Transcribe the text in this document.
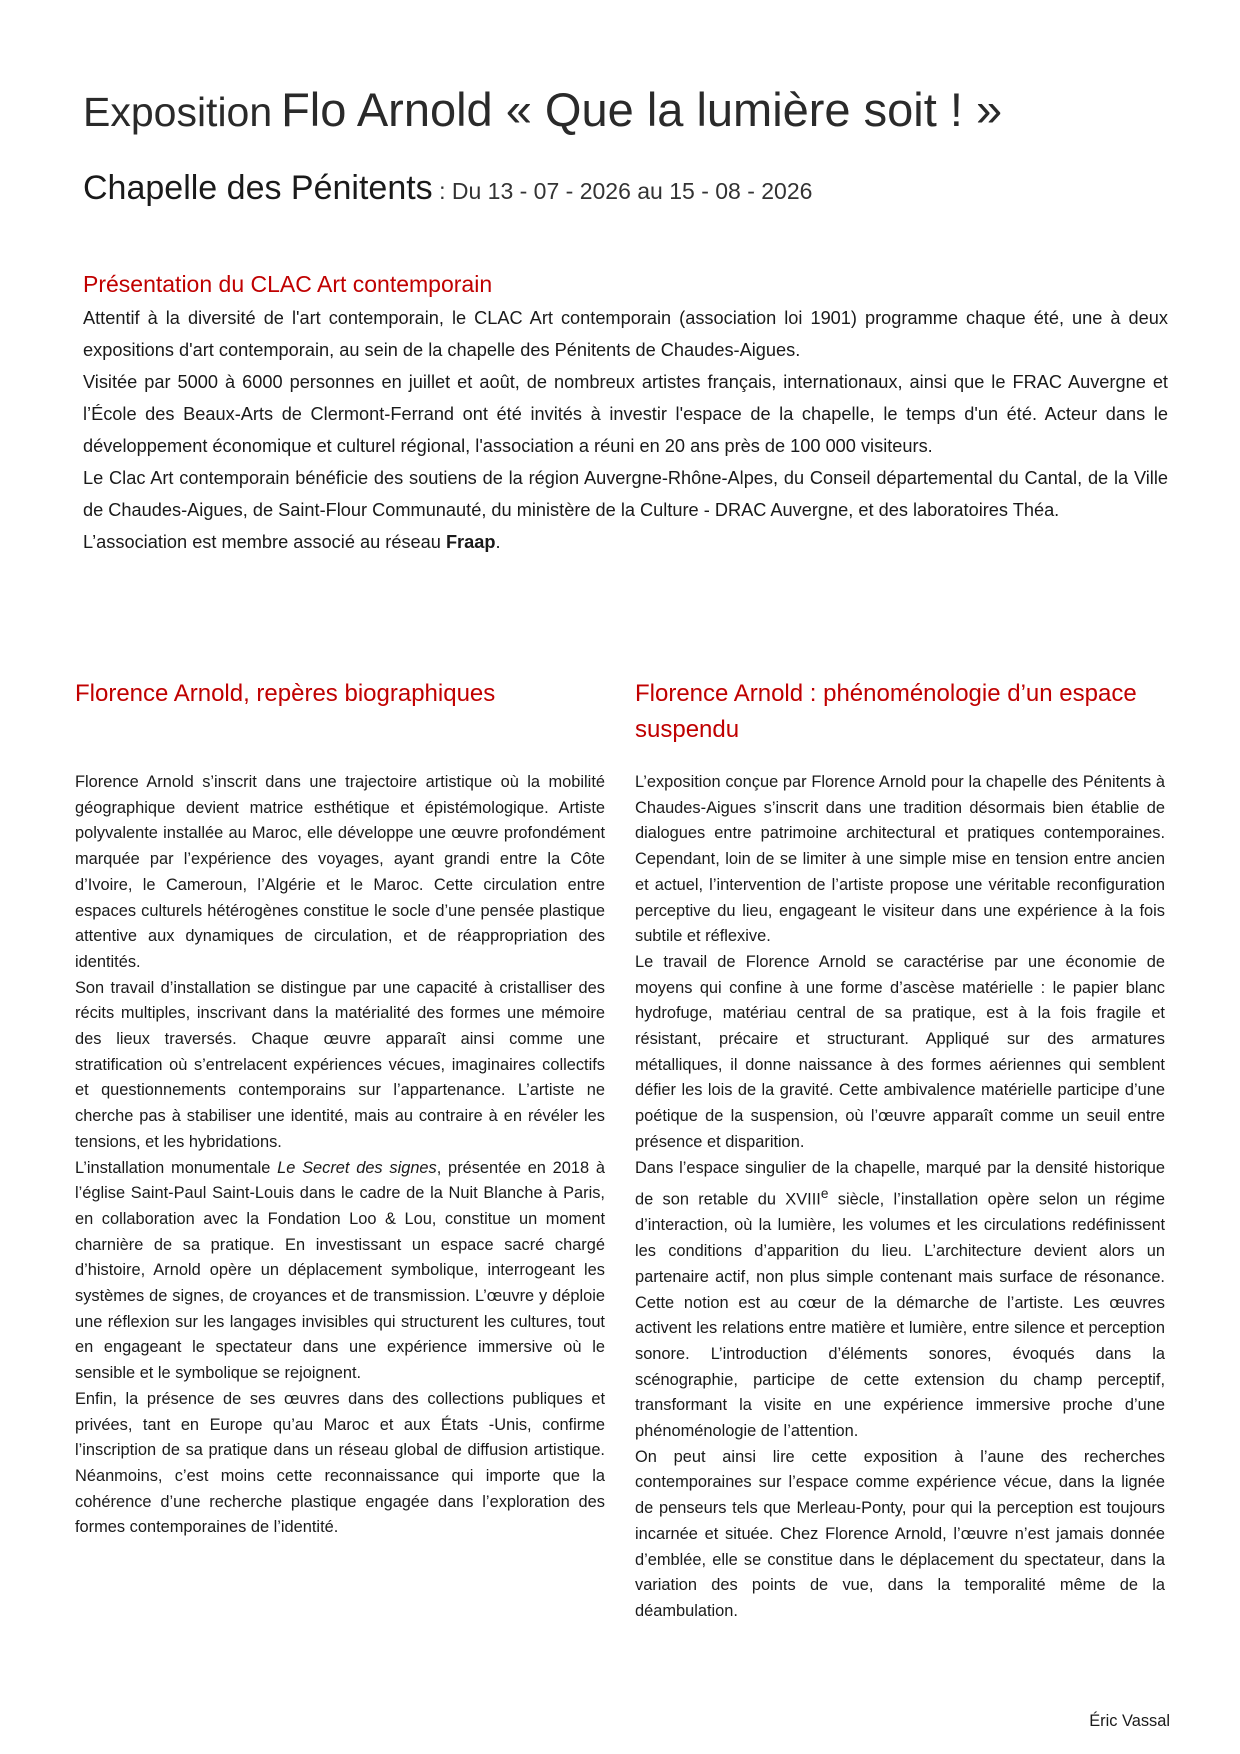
Exposition Flo Arnold « Que la lumière soit ! »
Chapelle des Pénitents : Du 13 - 07 - 2026 au 15 - 08 - 2026
Présentation du CLAC Art contemporain

Attentif à la diversité de l'art contemporain, le CLAC Art contemporain (association loi 1901) programme chaque été, une à deux expositions d'art contemporain, au sein de la chapelle des Pénitents de Chaudes-Aigues.

Visitée par 5000 à 6000 personnes en juillet et août, de nombreux artistes français, internationaux, ainsi que le FRAC Auvergne et l’École des Beaux-Arts de Clermont-Ferrand ont été invités à investir l'espace de la chapelle, le temps d'un été. Acteur dans le développement économique et culturel régional, l'association a réuni en 20 ans près de 100 000 visiteurs.

Le Clac Art contemporain bénéficie des soutiens de la région Auvergne-Rhône-Alpes, du Conseil départemental du Cantal, de la Ville de Chaudes-Aigues, de Saint-Flour Communauté, du ministère de la Culture - DRAC Auvergne, et des laboratoires Théa.

L’association est membre associé au réseau Fraap.

Florence Arnold, repères biographiques

Florence Arnold s’inscrit dans une trajectoire artistique où la mobilité géographique devient matrice esthétique et épistémologique. Artiste polyvalente installée au Maroc, elle développe une œuvre profondément marquée par l’expérience des voyages, ayant grandi entre la Côte d’Ivoire, le Cameroun, l’Algérie et le Maroc. Cette circulation entre espaces culturels hétérogènes constitue le socle d’une pensée plastique attentive aux dynamiques de circulation, et de réappropriation des identités.

Son travail d’installation se distingue par une capacité à cristalliser des récits multiples, inscrivant dans la matérialité des formes une mémoire des lieux traversés. Chaque œuvre apparaît ainsi comme une stratification où s’entrelacent expériences vécues, imaginaires collectifs et questionnements contemporains sur l’appartenance. L’artiste ne cherche pas à stabiliser une identité, mais au contraire à en révéler les tensions, et les hybridations.

L’installation monumentale Le Secret des signes, présentée en 2018 à l’église Saint-Paul Saint-Louis dans le cadre de la Nuit Blanche à Paris, en collaboration avec la Fondation Loo & Lou, constitue un moment charnière de sa pratique. En investissant un espace sacré chargé d’histoire, Arnold opère un déplacement symbolique, interrogeant les systèmes de signes, de croyances et de transmission. L’œuvre y déploie une réflexion sur les langages invisibles qui structurent les cultures, tout en engageant le spectateur dans une expérience immersive où le sensible et le symbolique se rejoignent.

Enfin, la présence de ses œuvres dans des collections publiques et privées, tant en Europe qu’au Maroc et aux États -Unis, confirme l’inscription de sa pratique dans un réseau global de diffusion artistique. Néanmoins, c’est moins cette reconnaissance qui importe que la cohérence d’une recherche plastique engagée dans l’exploration des formes contemporaines de l’identité.

Florence Arnold : phénoménologie d’un espace suspendu

L’exposition conçue par Florence Arnold pour la chapelle des Pénitents à Chaudes-Aigues s’inscrit dans une tradition désormais bien établie de dialogues entre patrimoine architectural et pratiques contemporaines. Cependant, loin de se limiter à une simple mise en tension entre ancien et actuel, l’intervention de l’artiste propose une véritable reconfiguration perceptive du lieu, engageant le visiteur dans une expérience à la fois subtile et réflexive.

Le travail de Florence Arnold se caractérise par une économie de moyens qui confine à une forme d’ascèse matérielle : le papier blanc hydrofuge, matériau central de sa pratique, est à la fois fragile et résistant, précaire et structurant. Appliqué sur des armatures métalliques, il donne naissance à des formes aériennes qui semblent défier les lois de la gravité. Cette ambivalence matérielle participe d’une poétique de la suspension, où l’œuvre apparaît comme un seuil entre présence et disparition.

Dans l’espace singulier de la chapelle, marqué par la densité historique de son retable du XVIIIe siècle, l’installation opère selon un régime d’interaction, où la lumière, les volumes et les circulations redéfinissent les conditions d’apparition du lieu. L’architecture devient alors un partenaire actif, non plus simple contenant mais surface de résonance. Cette notion est au cœur de la démarche de l’artiste. Les œuvres activent les relations entre matière et lumière, entre silence et perception sonore. L’introduction d’éléments sonores, évoqués dans la scénographie, participe de cette extension du champ perceptif, transformant la visite en une expérience immersive proche d’une phénoménologie de l’attention.

On peut ainsi lire cette exposition à l’aune des recherches contemporaines sur l’espace comme expérience vécue, dans la lignée de penseurs tels que Merleau-Ponty, pour qui la perception est toujours incarnée et située. Chez Florence Arnold, l’œuvre n’est jamais donnée d’emblée, elle se constitue dans le déplacement du spectateur, dans la variation des points de vue, dans la temporalité même de la déambulation.

Éric Vassal
